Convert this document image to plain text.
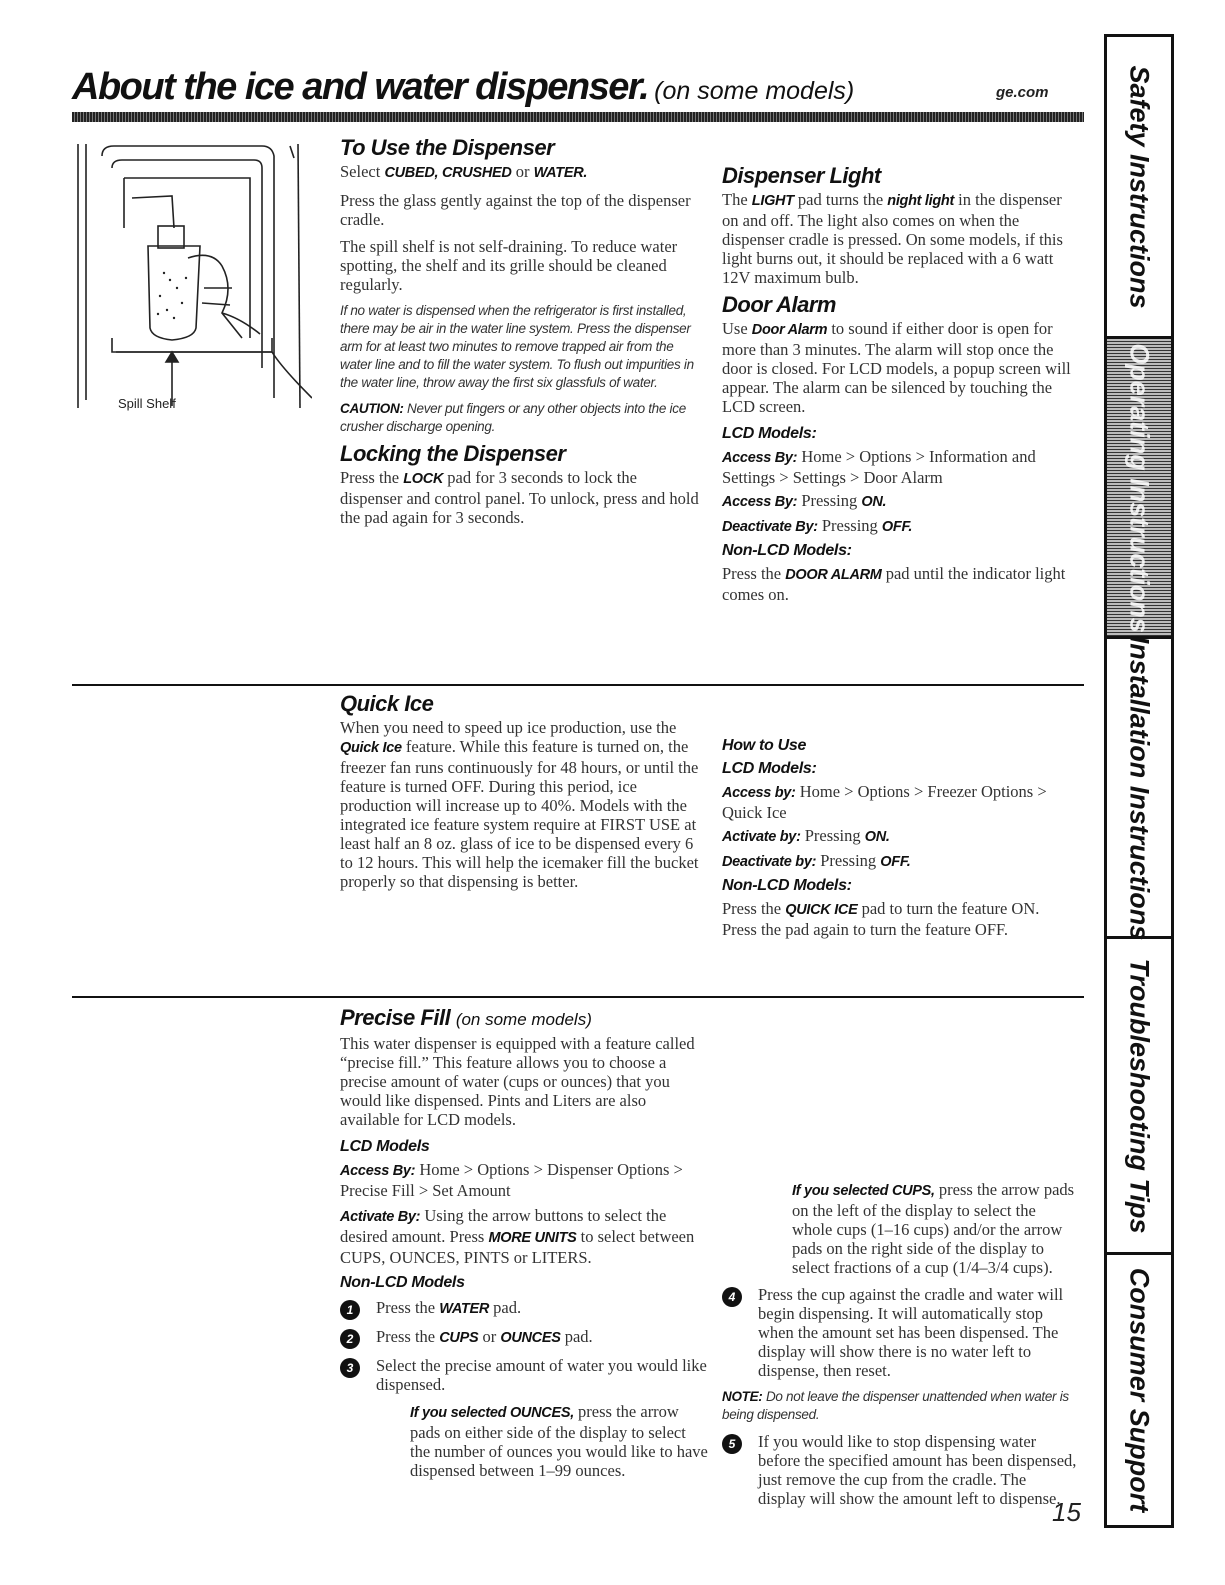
About the ice and water dispenser. (on some models)	ge.com	Safety Instructions
Operating Instructions
Installation Instructions
Troubleshooting Tips
Consumer Support
Spill Shelf
To Use the Dispenser

Select CUBED, CRUSHED or WATER.

Press the glass gently against the top of the dispenser cradle.

The spill shelf is not self-draining. To reduce water spotting, the shelf and its grille should be cleaned regularly.

If no water is dispensed when the refrigerator is first installed, there may be air in the water line system. Press the dispenser arm for at least two minutes to remove trapped air from the water line and to fill the water system. To flush out impurities in the water line, throw away the first six glassfuls of water.

CAUTION: Never put fingers or any other objects into the ice crusher discharge opening.

Locking the Dispenser

Press the LOCK pad for 3 seconds to lock the dispenser and control panel. To unlock, press and hold the pad again for 3 seconds.

Dispenser Light

The LIGHT pad turns the night light in the dispenser on and off. The light also comes on when the dispenser cradle is pressed. On some models, if this light burns out, it should be replaced with a 6 watt 12V maximum bulb.

Door Alarm

Use Door Alarm to sound if either door is open for more than 3 minutes. The alarm will stop once the door is closed. For LCD models, a popup screen will appear. The alarm can be silenced by touching the LCD screen.

LCD Models:

Access By: Home > Options > Information and Settings > Settings > Door Alarm

Access By: Pressing ON.

Deactivate By: Pressing OFF.

Non-LCD Models:

Press the DOOR ALARM pad until the indicator light comes on.

Quick Ice

When you need to speed up ice production, use the Quick Ice feature. While this feature is turned on, the freezer fan runs continuously for 48 hours, or until the feature is turned OFF. During this period, ice production will increase up to 40%. Models with the integrated ice feature system require at FIRST USE at least half an 8 oz. glass of ice to be dispensed every 6 to 12 hours. This will help the icemaker fill the bucket properly so that dispensing is better.

How to Use
LCD Models:

Access by: Home > Options > Freezer Options > Quick Ice

Activate by: Pressing ON.

Deactivate by: Pressing OFF.

Non-LCD Models:

Press the QUICK ICE pad to turn the feature ON. Press the pad again to turn the feature OFF.

Precise Fill (on some models)

This water dispenser is equipped with a feature called “precise fill.” This feature allows you to choose a precise amount of water (cups or ounces) that you would like dispensed. Pints and Liters are also available for LCD models.

LCD Models

Access By: Home > Options > Dispenser Options > Precise Fill > Set Amount

Activate By: Using the arrow buttons to select the desired amount. Press MORE UNITS to select between CUPS, OUNCES, PINTS or LITERS.

Non-LCD Models
1	Press the WATER pad.
2	Press the CUPS or OUNCES pad.
3	Select the precise amount of water you would like dispensed.

If you selected OUNCES, press the arrow pads on either side of the display to select the number of ounces you would like to have dispensed between 1–99 ounces.

If you selected CUPS, press the arrow pads on the left of the display to select the whole cups (1–16 cups) and/or the arrow pads on the right side of the display to select fractions of a cup (1/4–3/4 cups).

4	Press the cup against the cradle and water will begin dispensing. It will automatically stop when the amount set has been dispensed. The display will show there is no water left to dispense, then reset.

NOTE: Do not leave the dispenser unattended when water is being dispensed.

5	If you would like to stop dispensing water before the specified amount has been dispensed, just remove the cup from the cradle. The display will show the amount left to dispense.
15
